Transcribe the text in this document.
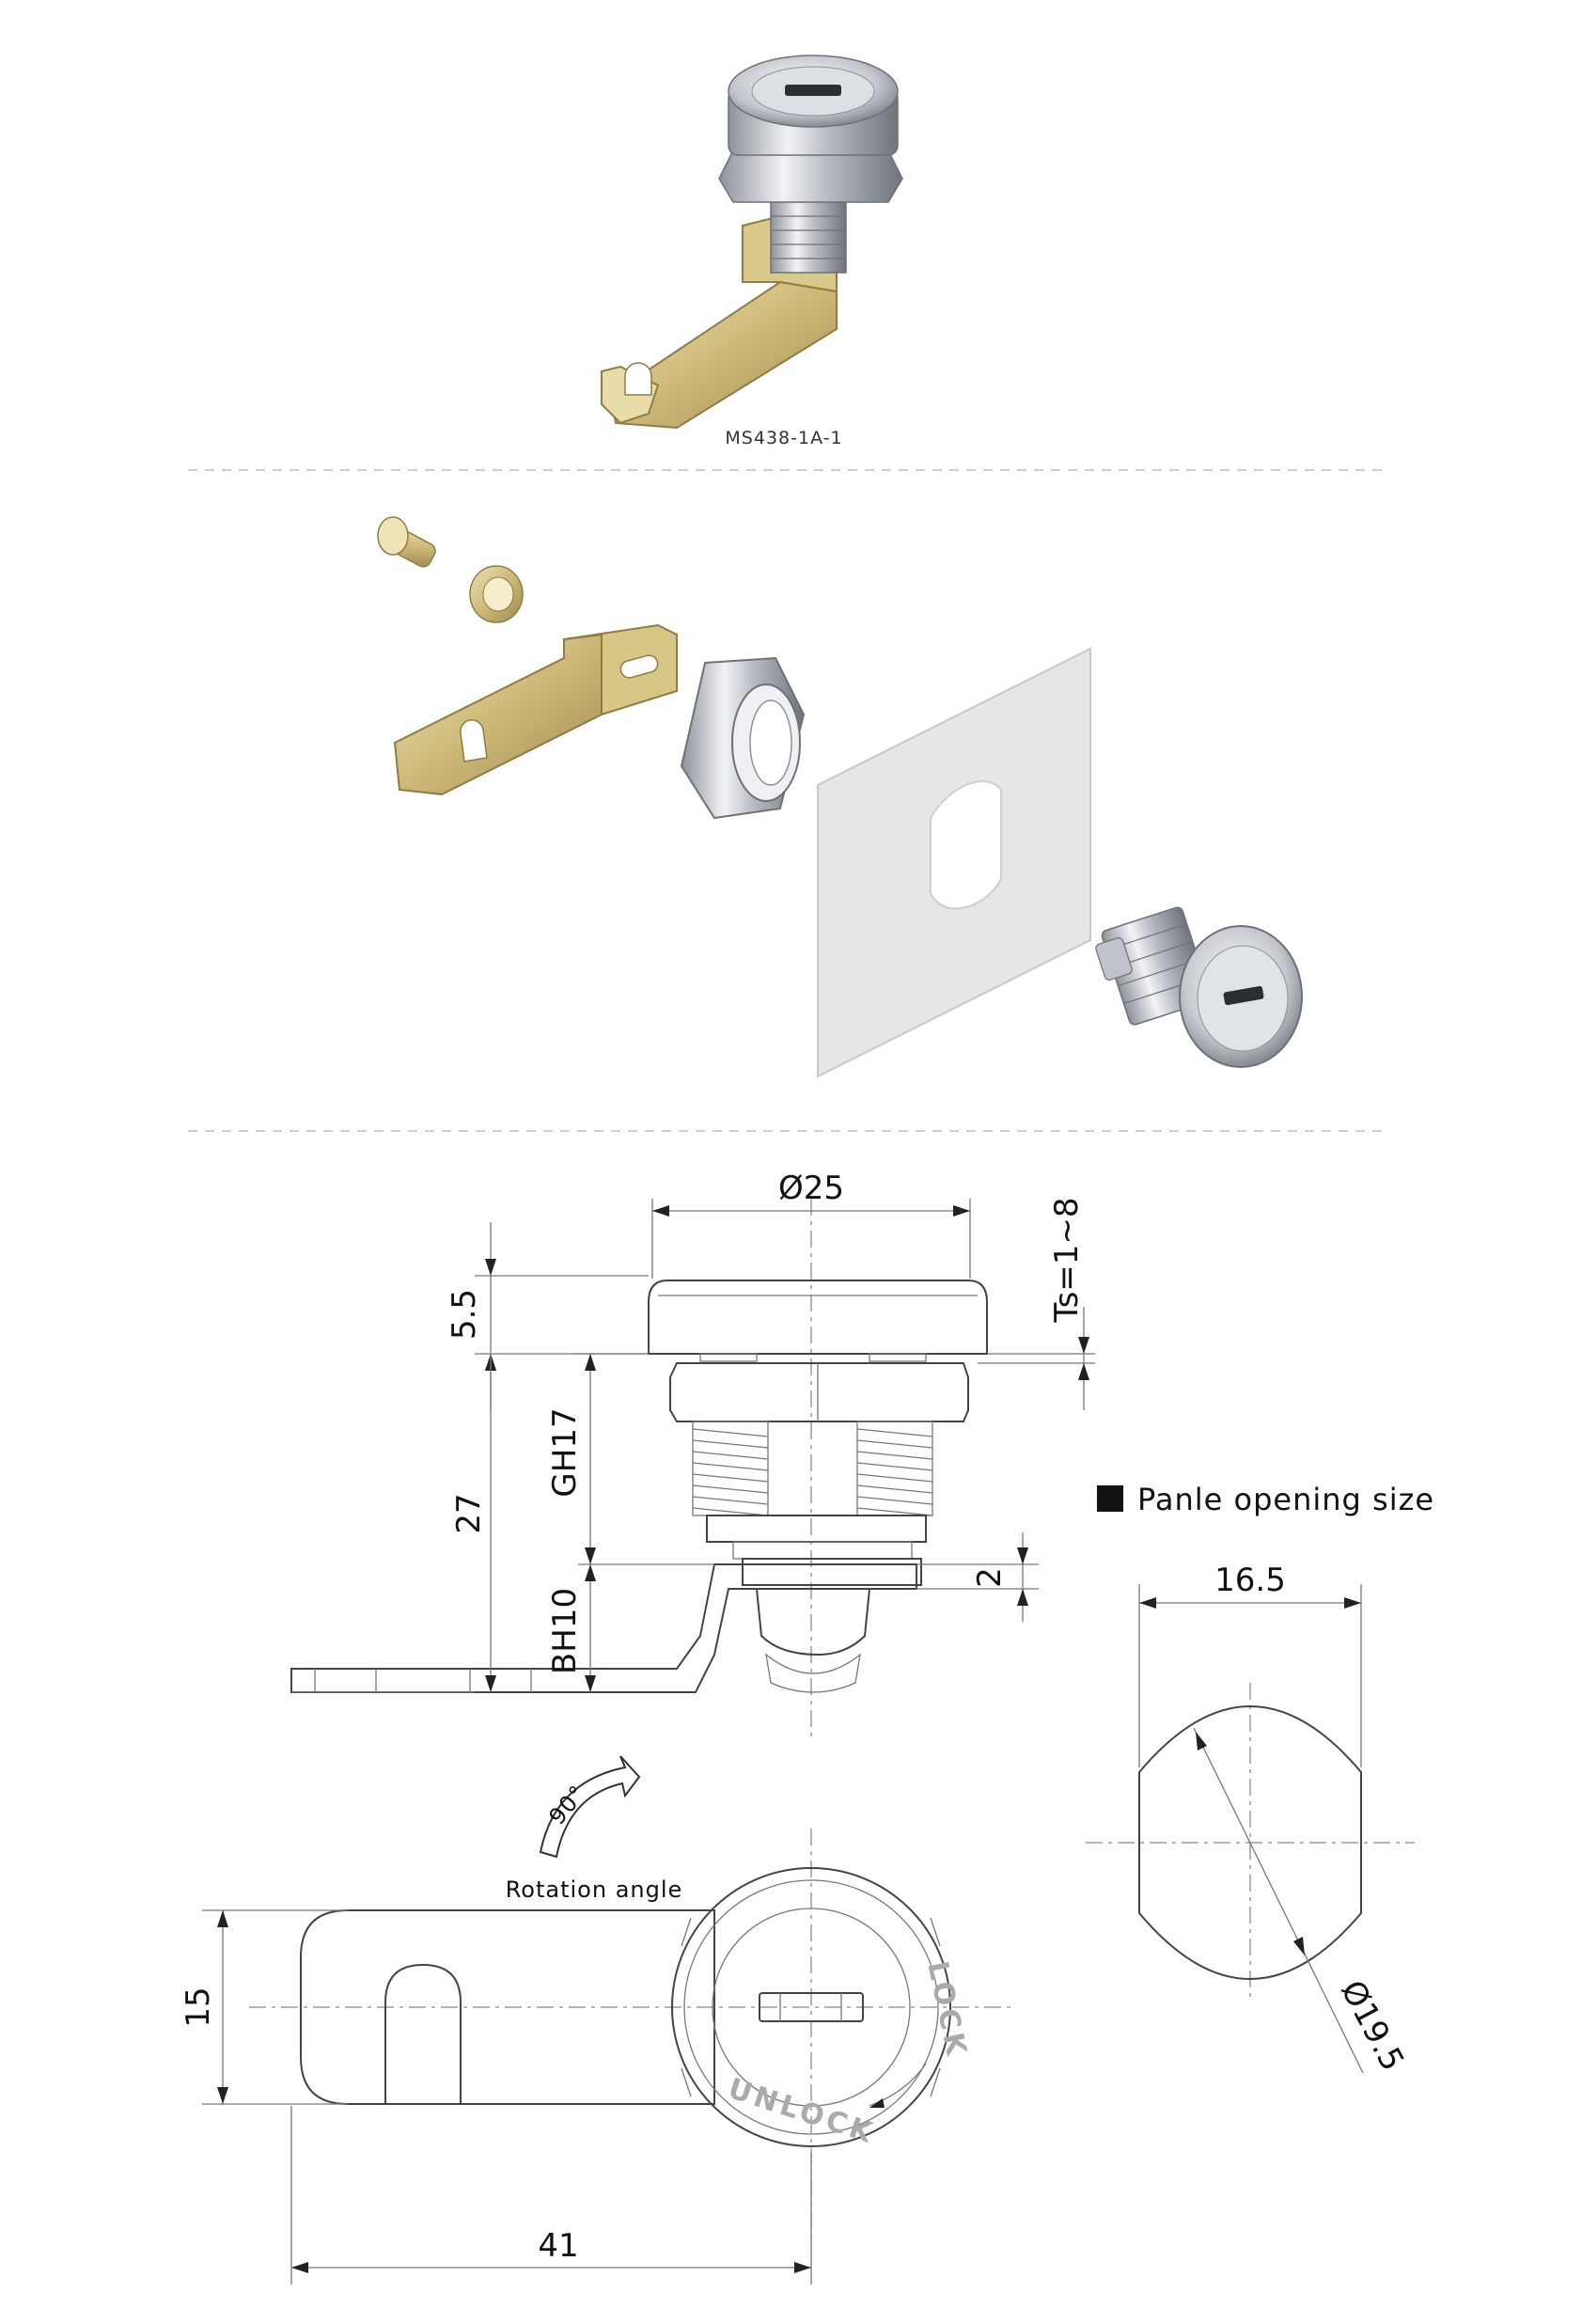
MS438-1A-1
Ø25
5.5
27
GH17
BH10
Ts=1~8
2
Panle opening size
16.5
Ø19.5
90°
Rotation angle
LOCK
UNLOCK
15
41
